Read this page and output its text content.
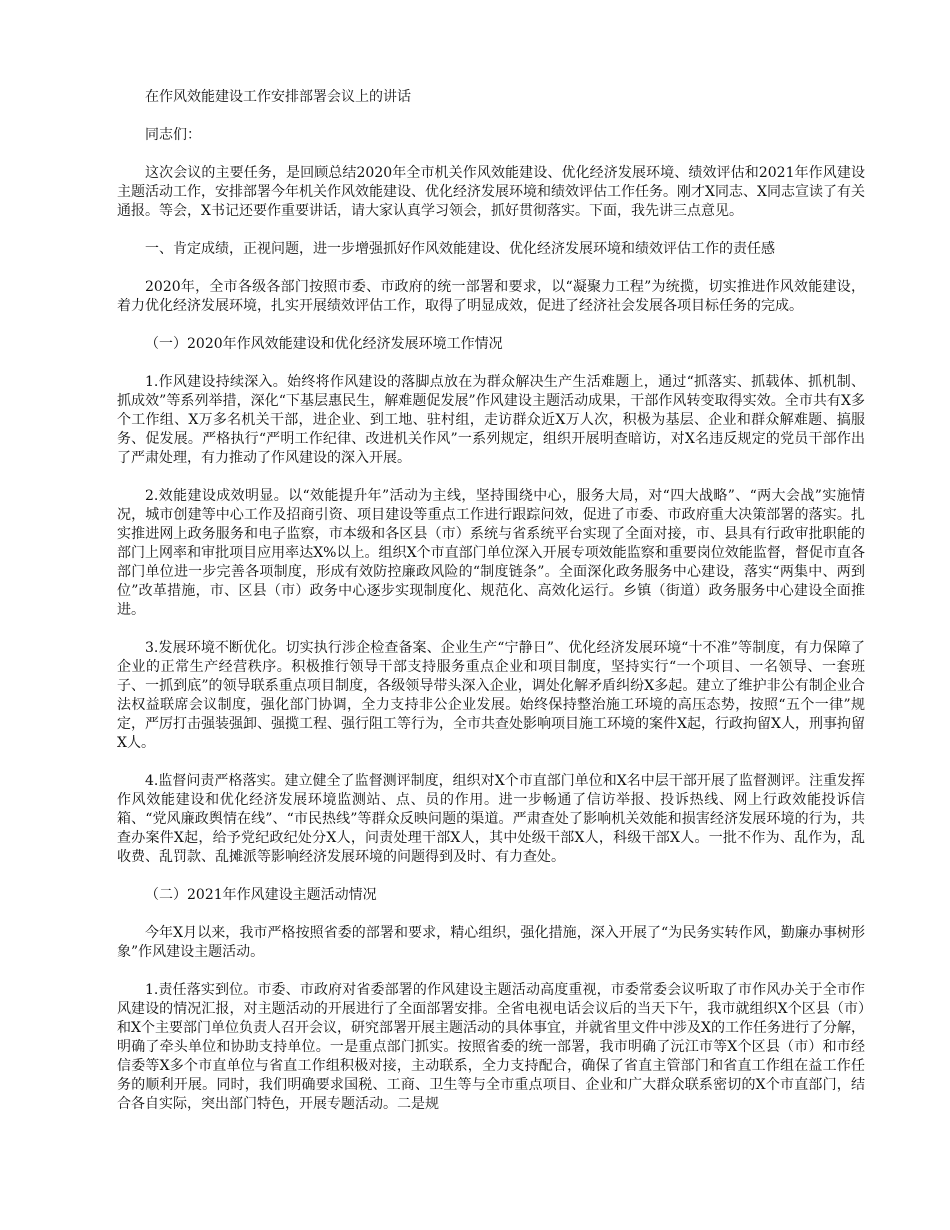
在作风效能建设工作安排部署会议上的讲话

同志们：

这次会议的主要任务，是回顾总结2020年全市机关作风效能建设、优化经济发展环境、绩效评估和2021年作风建设主题活动工作，安排部署今年机关作风效能建设、优化经济发展环境和绩效评估工作任务。刚才X同志、X同志宣读了有关通报。等会，X书记还要作重要讲话，请大家认真学习领会，抓好贯彻落实。下面，我先讲三点意见。

一、肯定成绩，正视问题，进一步增强抓好作风效能建设、优化经济发展环境和绩效评估工作的责任感

2020年，全市各级各部门按照市委、市政府的统一部署和要求，以“凝聚力工程”为统揽，切实推进作风效能建设，着力优化经济发展环境，扎实开展绩效评估工作，取得了明显成效，促进了经济社会发展各项目标任务的完成。

（一）2020年作风效能建设和优化经济发展环境工作情况

1.作风建设持续深入。始终将作风建设的落脚点放在为群众解决生产生活难题上，通过“抓落实、抓载体、抓机制、抓成效”等系列举措，深化“下基层惠民生，解难题促发展”作风建设主题活动成果，干部作风转变取得实效。全市共有X多个工作组、X万多名机关干部，进企业、到工地、驻村组，走访群众近X万人次，积极为基层、企业和群众解难题、搞服务、促发展。严格执行“严明工作纪律、改进机关作风”一系列规定，组织开展明查暗访，对X名违反规定的党员干部作出了严肃处理，有力推动了作风建设的深入开展。

2.效能建设成效明显。以“效能提升年”活动为主线，坚持围绕中心，服务大局，对“四大战略”、“两大会战”实施情况，城市创建等中心工作及招商引资、项目建设等重点工作进行跟踪问效，促进了市委、市政府重大决策部署的落实。扎实推进网上政务服务和电子监察，市本级和各区县（市）系统与省系统平台实现了全面对接，市、县具有行政审批职能的部门上网率和审批项目应用率达X%以上。组织X个市直部门单位深入开展专项效能监察和重要岗位效能监督，督促市直各部门单位进一步完善各项制度，形成有效防控廉政风险的“制度链条”。全面深化政务服务中心建设，落实“两集中、两到位”改革措施，市、区县（市）政务中心逐步实现制度化、规范化、高效化运行。乡镇（街道）政务服务中心建设全面推进。

3.发展环境不断优化。切实执行涉企检查备案、企业生产“宁静日”、优化经济发展环境“十不准”等制度，有力保障了企业的正常生产经营秩序。积极推行领导干部支持服务重点企业和项目制度，坚持实行“一个项目、一名领导、一套班子、一抓到底”的领导联系重点项目制度，各级领导带头深入企业，调处化解矛盾纠纷X多起。建立了维护非公有制企业合法权益联席会议制度，强化部门协调，全力支持非公企业发展。始终保持整治施工环境的高压态势，按照“五个一律”规定，严厉打击强装强卸、强揽工程、强行阻工等行为，全市共查处影响项目施工环境的案件X起，行政拘留X人，刑事拘留X人。

4.监督问责严格落实。建立健全了监督测评制度，组织对X个市直部门单位和X名中层干部开展了监督测评。注重发挥作风效能建设和优化经济发展环境监测站、点、员的作用。进一步畅通了信访举报、投诉热线、网上行政效能投诉信箱、“党风廉政舆情在线”、“市民热线”等群众反映问题的渠道。严肃查处了影响机关效能和损害经济发展环境的行为，共查办案件X起，给予党纪政纪处分X人，问责处理干部X人，其中处级干部X人，科级干部X人。一批不作为、乱作为，乱收费、乱罚款、乱摊派等影响经济发展环境的问题得到及时、有力查处。

（二）2021年作风建设主题活动情况

今年X月以来，我市严格按照省委的部署和要求，精心组织，强化措施，深入开展了“为民务实转作风，勤廉办事树形象”作风建设主题活动。

1.责任落实到位。市委、市政府对省委部署的作风建设主题活动高度重视，市委常委会议听取了市作风办关于全市作风建设的情况汇报，对主题活动的开展进行了全面部署安排。全省电视电话会议后的当天下午，我市就组织X个区县（市）和X个主要部门单位负责人召开会议，研究部署开展主题活动的具体事宜，并就省里文件中涉及X的工作任务进行了分解，明确了牵头单位和协助支持单位。一是重点部门抓实。按照省委的统一部署，我市明确了沅江市等X个区县（市）和市经信委等X多个市直单位与省直工作组积极对接，主动联系，全力支持配合，确保了省直主管部门和省直工作组在益工作任务的顺利开展。同时，我们明确要求国税、工商、卫生等与全市重点项目、企业和广大群众联系密切的X个市直部门，结合各自实际，突出部门特色，开展专题活动。二是规
